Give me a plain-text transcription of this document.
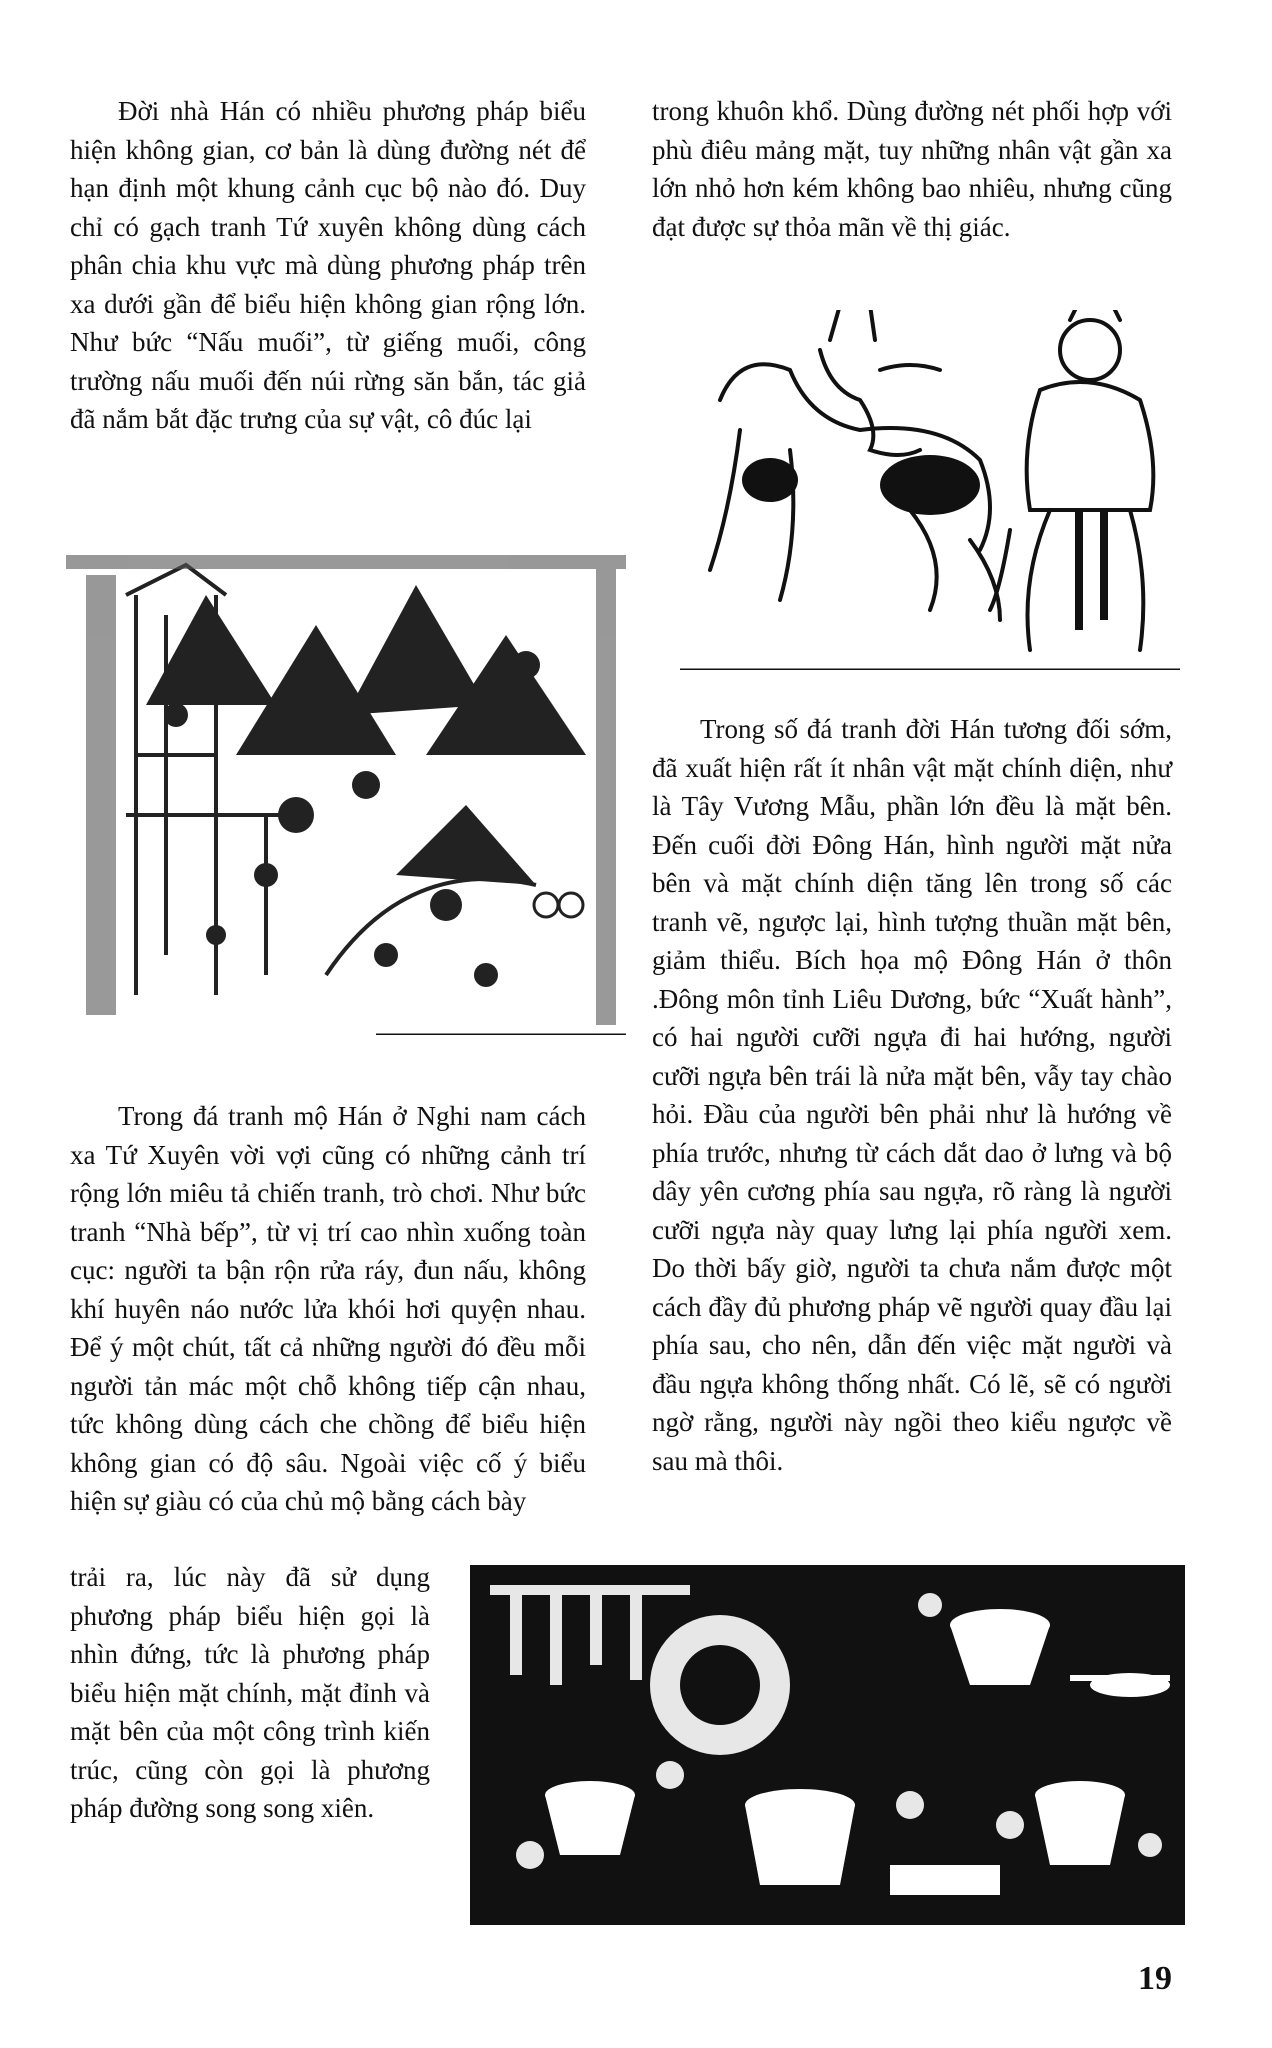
Đời nhà Hán có nhiều phương pháp biểu hiện không gian, cơ bản là dùng đường nét để hạn định một khung cảnh cục bộ nào đó. Duy chỉ có gạch tranh Tứ xuyên không dùng cách phân chia khu vực mà dùng phương pháp trên xa dưới gần để biểu hiện không gian rộng lớn. Như bức “Nấu muối”, từ giếng muối, công trường nấu muối đến núi rừng săn bắn, tác giả đã nắm bắt đặc trưng của sự vật, cô đúc lại

trong khuôn khổ. Dùng đường nét phối hợp với phù điêu mảng mặt, tuy những nhân vật gần xa lớn nhỏ hơn kém không bao nhiêu, nhưng cũng đạt được sự thỏa mãn về thị giác.

Trong số đá tranh đời Hán tương đối sớm, đã xuất hiện rất ít nhân vật mặt chính diện, như là Tây Vương Mẫu, phần lớn đều là mặt bên. Đến cuối đời Đông Hán, hình người mặt nửa bên và mặt chính diện tăng lên trong số các tranh vẽ, ngược lại, hình tượng thuần mặt bên, giảm thiểu. Bích họa mộ Đông Hán ở thôn .Đông môn tỉnh Liêu Dương, bức “Xuất hành”, có hai người cưỡi ngựa đi hai hướng, người cưỡi ngựa bên trái là nửa mặt bên, vẫy tay chào hỏi. Đầu của người bên phải như là hướng về phía trước, nhưng từ cách dắt dao ở lưng và bộ dây yên cương phía sau ngựa, rõ ràng là người cưỡi ngựa này quay lưng lại phía người xem. Do thời bấy giờ, người ta chưa nắm được một cách đầy đủ phương pháp vẽ người quay đầu lại phía sau, cho nên, dẫn đến việc mặt người và đầu ngựa không thống nhất. Có lẽ, sẽ có người ngờ rằng, người này ngồi theo kiểu ngược về sau mà thôi.

Trong đá tranh mộ Hán ở Nghi nam cách xa Tứ Xuyên vời vợi cũng có những cảnh trí rộng lớn miêu tả chiến tranh, trò chơi. Như bức tranh “Nhà bếp”, từ vị trí cao nhìn xuống toàn cục: người ta bận rộn rửa ráy, đun nấu, không khí huyên náo nước lửa khói hơi quyện nhau. Để ý một chút, tất cả những người đó đều mỗi người tản mác một chỗ không tiếp cận nhau, tức không dùng cách che chồng để biểu hiện không gian có độ sâu. Ngoài việc cố ý biểu hiện sự giàu có của chủ mộ bằng cách bày

trải ra, lúc này đã sử dụng phương pháp biểu hiện gọi là nhìn đứng, tức là phương pháp biểu hiện mặt chính, mặt đỉnh và mặt bên của một công trình kiến trúc, cũng còn gọi là phương pháp đường song song xiên.

19
